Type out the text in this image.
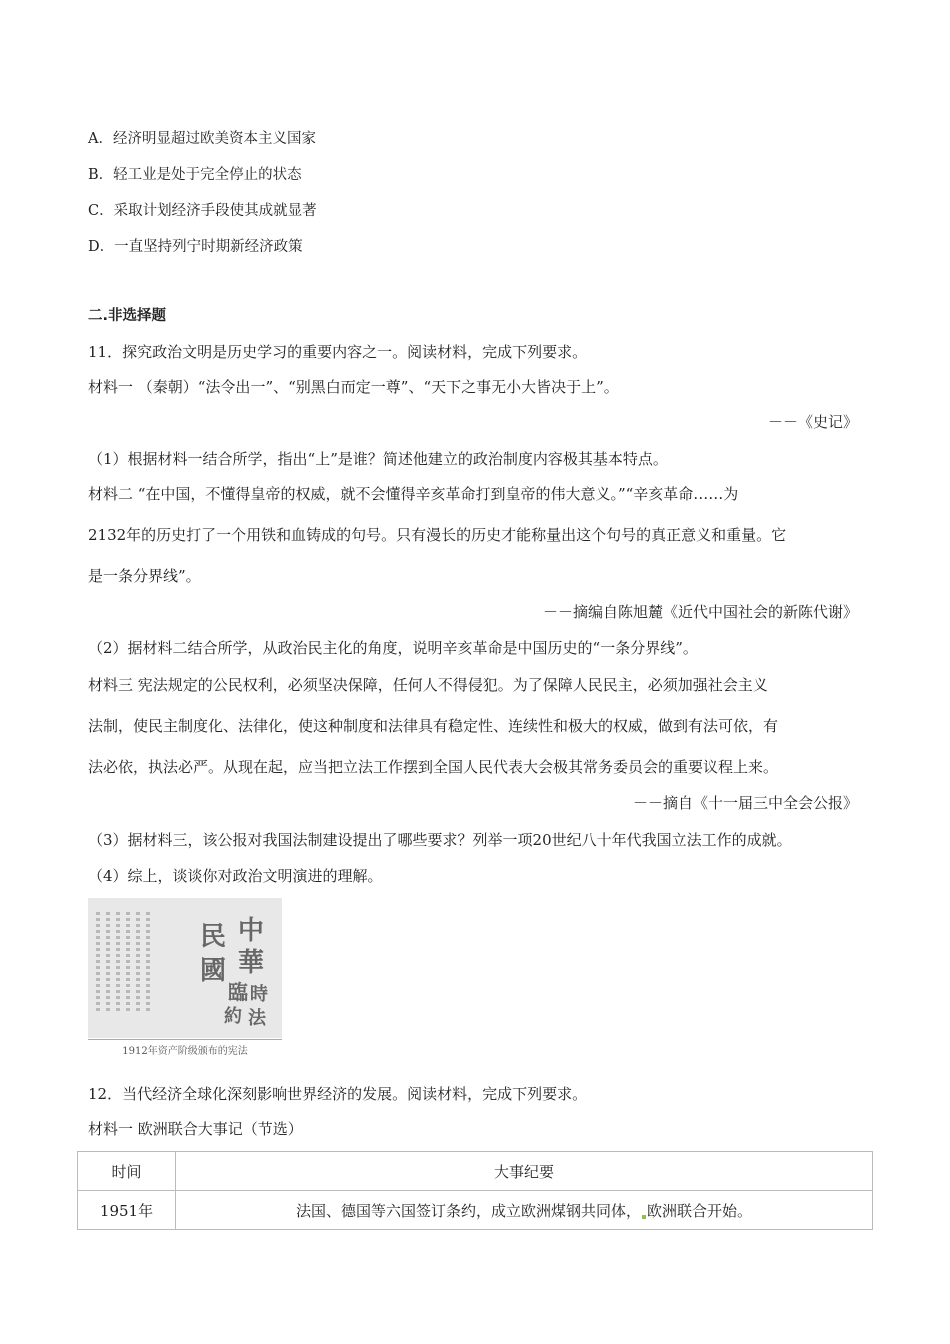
A．经济明显超过欧美资本主义国家
B．轻工业是处于完全停止的状态
C．采取计划经济手段使其成就显著
D．一直坚持列宁时期新经济政策
二.非选择题
11．探究政治文明是历史学习的重要内容之一。阅读材料，完成下列要求。
材料一 （秦朝）“法令出一”、“别黑白而定一尊”、“天下之事无小大皆决于上”。
－－《史记》
（1）根据材料一结合所学，指出“上”是谁？简述他建立的政治制度内容极其基本特点。
材料二 “在中国，不懂得皇帝的权威，就不会懂得辛亥革命打到皇帝的伟大意义。”“辛亥革命……为
2132年的历史打了一个用铁和血铸成的句号。只有漫长的历史才能称量出这个句号的真正意义和重量。它
是一条分界线”。
－－摘编自陈旭麓《近代中国社会的新陈代谢》
（2）据材料二结合所学，从政治民主化的角度，说明辛亥革命是中国历史的“一条分界线”。
材料三 宪法规定的公民权利，必须坚决保障，任何人不得侵犯。为了保障人民民主，必须加强社会主义
法制，使民主制度化、法律化，使这种制度和法律具有稳定性、连续性和极大的权威，做到有法可依，有
法必依，执法必严。从现在起，应当把立法工作摆到全国人民代表大会极其常务委员会的重要议程上来。
－－摘自《十一届三中全会公报》
（3）据材料三，该公报对我国法制建设提出了哪些要求？列举一项20世纪八十年代我国立法工作的成就。
（4）综上，谈谈你对政治文明演进的理解。
中
華
民
國
臨 時
約 法
1912年资产阶级颁布的宪法
12．当代经济全球化深刻影响世界经济的发展。阅读材料，完成下列要求。
材料一 欧洲联合大事记（节选）
时间	大事纪要
1951年	法国、德国等六国签订条约，成立欧洲煤钢共同体， 欧洲联合开始。
